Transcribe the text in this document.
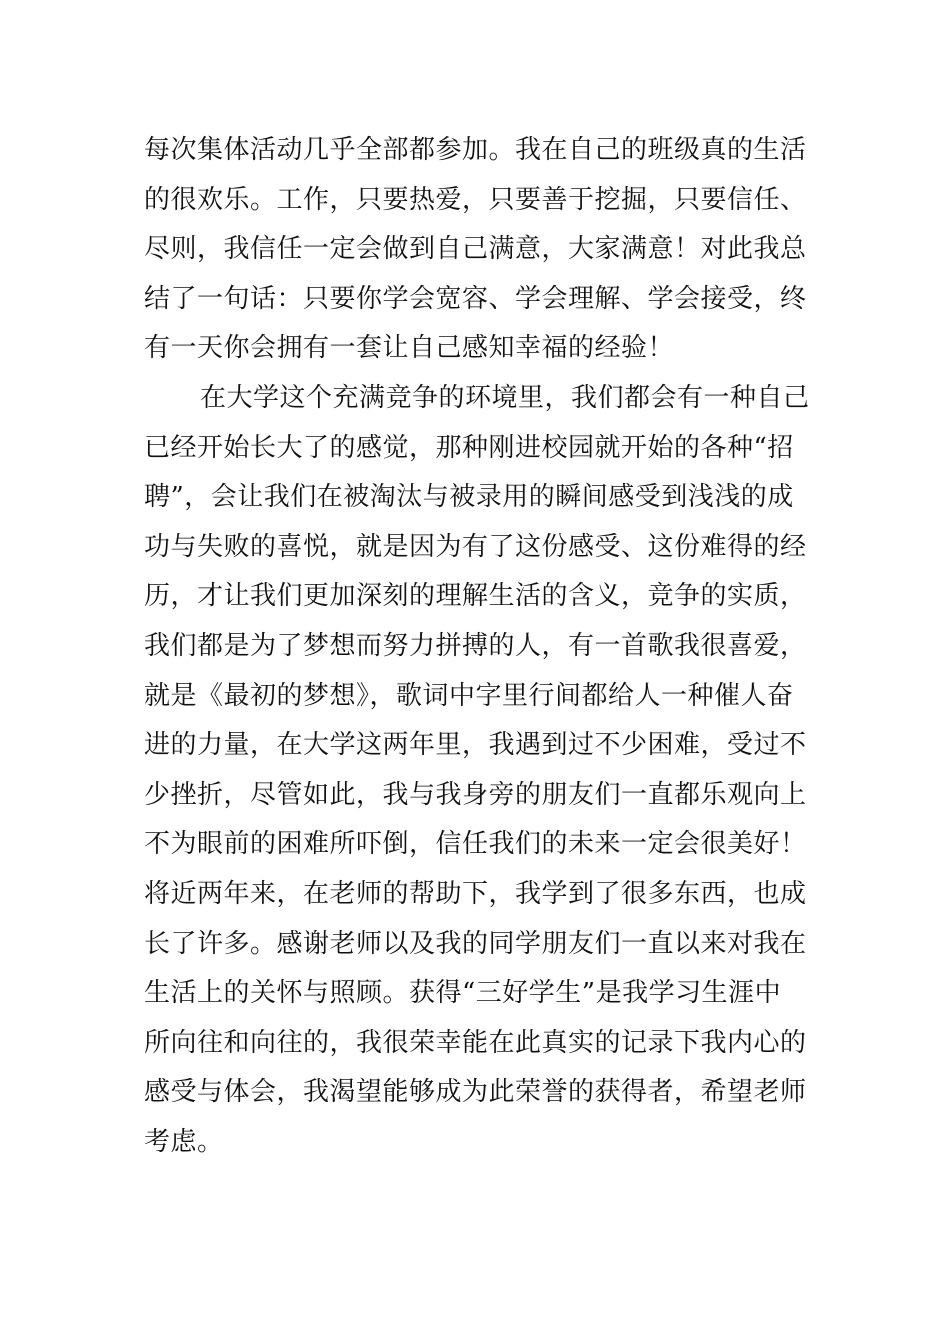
每次集体活动几乎全部都参加。我在自己的班级真的生活
的很欢乐。工作，只要热爱，只要善于挖掘，只要信任、
尽则，我信任一定会做到自己满意，大家满意！对此我总
结了一句话：只要你学会宽容、学会理解、学会接受，终
有一天你会拥有一套让自己感知幸福的经验！
在大学这个充满竞争的环境里，我们都会有一种自己
已经开始长大了的感觉，那种刚进校园就开始的各种“招
聘”，会让我们在被淘汰与被录用的瞬间感受到浅浅的成
功与失败的喜悦，就是因为有了这份感受、这份难得的经
历，才让我们更加深刻的理解生活的含义，竞争的实质，
我们都是为了梦想而努力拼搏的人，有一首歌我很喜爱，
就是《最初的梦想》，歌词中字里行间都给人一种催人奋
进的力量，在大学这两年里，我遇到过不少困难，受过不
少挫折，尽管如此，我与我身旁的朋友们一直都乐观向上
不为眼前的困难所吓倒，信任我们的未来一定会很美好！
将近两年来，在老师的帮助下，我学到了很多东西，也成
长了许多。感谢老师以及我的同学朋友们一直以来对我在
生活上的关怀与照顾。获得“三好学生”是我学习生涯中
所向往和向往的，我很荣幸能在此真实的记录下我内心的
感受与体会，我渴望能够成为此荣誉的获得者，希望老师
考虑。
